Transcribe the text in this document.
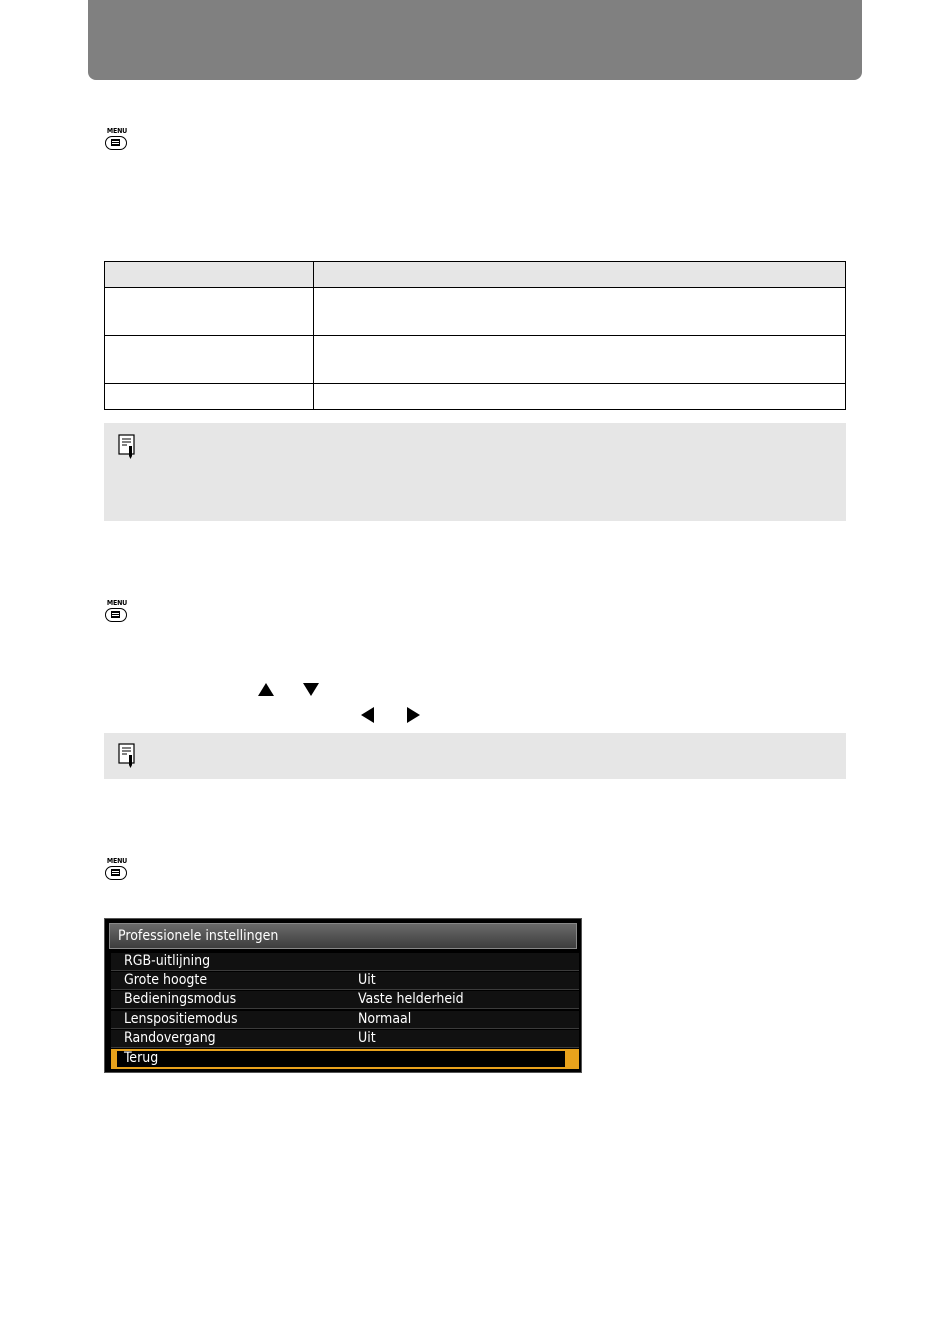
MENU

MENU
MENU
Professionele instellingen
RGB-uitlijning
Grote hoogte	Uit
Bedieningsmodus	Vaste helderheid
Lenspositiemodus	Normaal
Randovergang	Uit
Terug
